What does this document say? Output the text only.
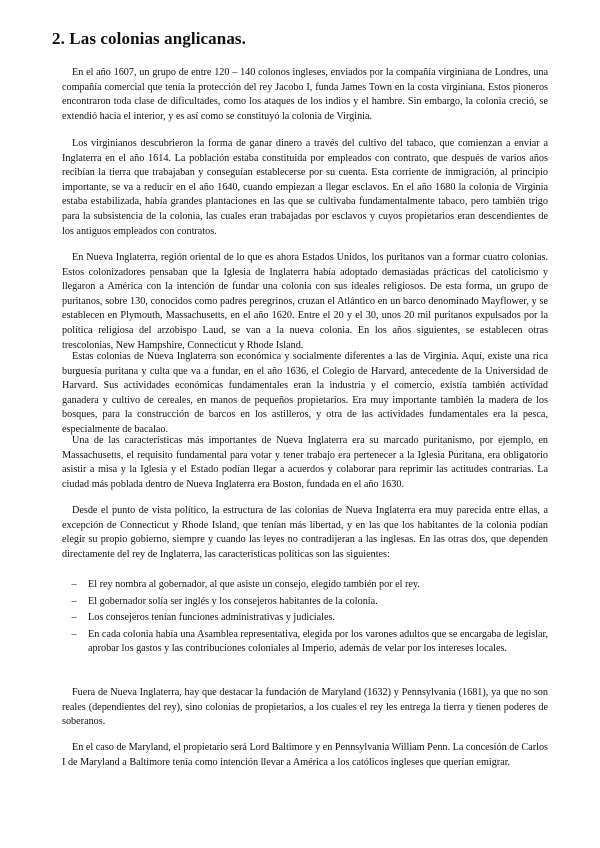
2. Las colonias anglicanas.

En el año 1607, un grupo de entre 120 – 140 colonos ingleses, enviados por la compañía virginiana de Londres, una compañía comercial que tenía la protección del rey Jacobo I, funda James Town en la costa virginiana. Estos pioneros encontraron toda clase de dificultades, como los ataques de los indios y el hambre. Sin embargo, la colonia creció, se extendió hacia el interior, y es así como se constituyó la colonia de Virginia.

Los virginianos descubrieron la forma de ganar dinero a través del cultivo del tabaco, que comienzan a enviar a Inglaterra en el año 1614. La población estaba constituida por empleados con contrato, que después de varios años recibían la tierra que trabajaban y conseguían establecerse por su cuenta. Esta corriente de inmigración, al principio importante, se va a reducir en el año 1640, cuando empiezan a llegar esclavos. En el año 1680 la colonia de Virginia estaba estabilizada, había grandes plantaciones en las que se cultivaba fundamentalmente tabaco, pero también trigo para la subsistencia de la colonia, las cuales eran trabajadas por esclavos y cuyos propietarios eran descendientes de los antiguos empleados con contratos.

En Nueva Inglaterra, región oriental de lo que es ahora Estados Unidos, los puritanos van a formar cuatro colonias. Estos colonizadores pensaban que la Iglesia de Inglaterra había adoptado demasiadas prácticas del catolicismo y llegaron a América con la intención de fundar una colonia con sus ideales religiosos. De esta forma, un grupo de puritanos, sobre 130, conocidos como padres peregrinos, cruzan el Atlántico en un barco denominado Mayflower, y se establecen en Plymouth, Massachusetts, en el año 1620. Entre el 20 y el 30, unos 20 mil puritanos expulsados por la política religiosa del arzobispo Laud, se van a la nueva colonia. En los años siguientes, se establecen otras trescolonias, New Hampshire, Connecticut y Rhode Island.

Estas colonias de Nueva Inglaterra son económica y socialmente diferentes a las de Virginia. Aquí, existe una rica burguesía puritana y culta que va a fundar, en el año 1636, el Colegio de Harvard, antecedente de la Universidad de Harvard. Sus actividades económicas fundamentales eran la industria y el comercio, existía también actividad ganadera y cultivo de cereales, en manos de pequeños propietarios. Era muy importante también la madera de los bosques, para la construcción de barcos en los astilleros, y otra de las actividades fundamentales era la pesca, especialmente de bacalao.

Una de las características más importantes de Nueva Inglaterra era su marcado puritanismo, por ejemplo, en Massachusetts, el requisito fundamental para votar y tener trabajo era pertenecer a la Iglesia Puritana, era obligatorio asistir a misa y la Iglesia y el Estado podían llegar a acuerdos y colaborar para reprimir las actitudes contrarias. La ciudad más poblada dentro de Nueva Inglaterra era Boston, fundada en el año 1630.

Desde el punto de vista político, la estructura de las colonias de Nueva Inglaterra era muy parecida entre ellas, a excepción de Connecticut y Rhode Island, que tenían más libertad, y en las que los habitantes de la colonia podían elegir su propio gobierno, siempre y cuando las leyes no contradijeran a las inglesas. En las otras dos, que dependen directamente del rey de Inglaterra, las características políticas son las siguientes:

–	El rey nombra al gobernador, al que asiste un consejo, elegido también por el rey.
–	El gobernador solía ser inglés y los consejeros habitantes de la colonia.
–	Los consejeros tenían funciones administrativas y judiciales.
–	En cada colonia había una Asamblea representativa, elegida por los varones adultos que se encargaba de legislar, aprobar los gastos y las contribuciones coloniales al Imperio, además de velar por los intereses locales.

Fuera de Nueva Inglaterra, hay que destacar la fundación de Maryland (1632) y Pennsylvania (1681), ya que no son reales (dependientes del rey), sino colonias de propietarios, a los cuales el rey les entrega la tierra y tienen poderes de soberanos.

En el caso de Maryland, el propietario será Lord Baltimore y en Pennsylvania William Penn. La concesión de Carlos I de Maryland a Baltimore tenía como intención llevar a América a los católicos ingleses que querían emigrar.
